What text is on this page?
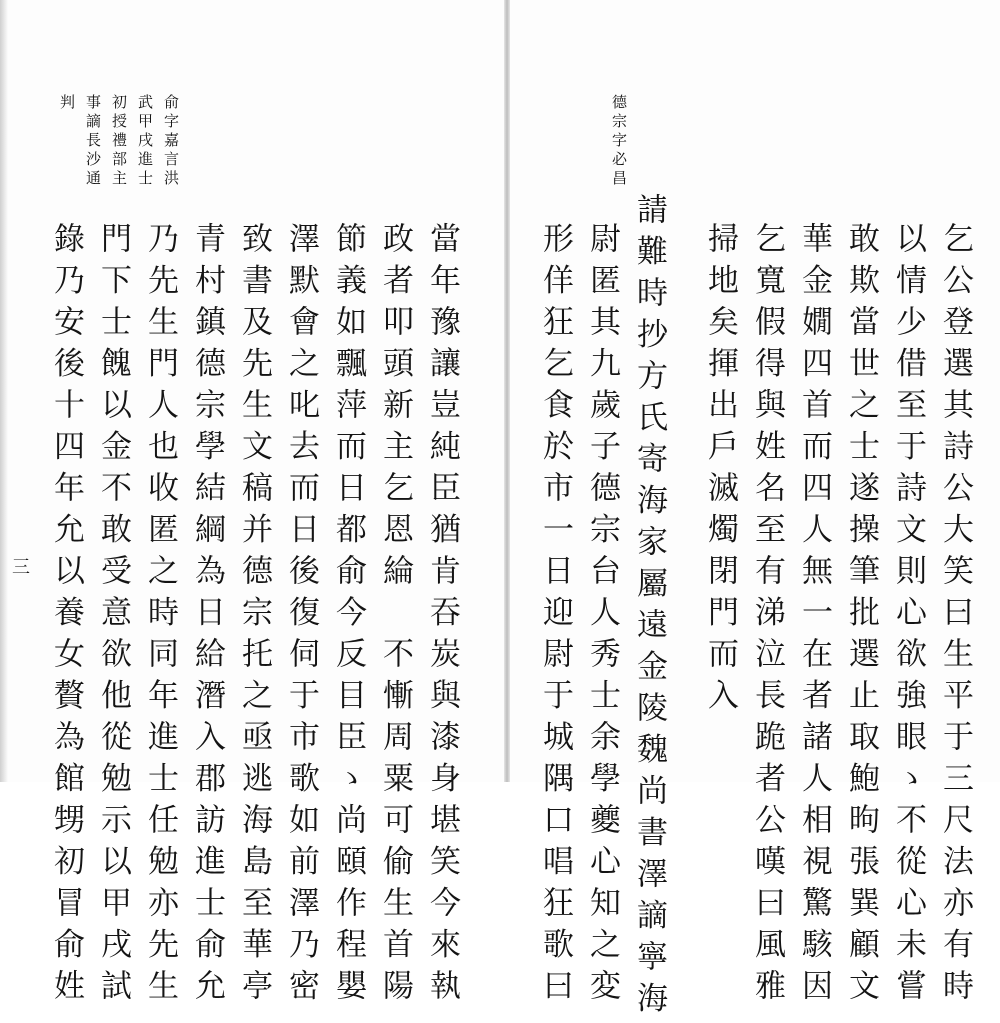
德宗字必昌
乞公登選其詩公大笑曰生平于三尺法亦有時
以情少借至于詩文則心欲強眼ゝ不從心未嘗
敢欺當世之士遂操筆批選止取鮑昫張巽顧文
華金嫺四首而四人無一在者諸人相視驚駭因
乞寬假得與姓名至有涕泣長跪者公嘆曰風雅
掃地矣揮出戶滅燭閉門而入
請難時抄方氏寄海家屬遠金陵魏尚書澤謫寧海
尉匿其九歲子德宗台人秀士余學夔心知之変
形佯狂乞食於市一日迎尉于城隅口唱狂歌曰
俞字嘉言洪
武甲戌進士
初授禮部主
事謫長沙通
判
當年豫讓豈純臣猶肯吞炭與漆身堪笑今來執
政者叩頭新主乞恩綸　不慚周粟可偷生首陽
節義如飄萍而日都俞今反目臣ゝ尚頤作程嬰
澤默會之叱去而日後復伺于市歌如前澤乃密
致書及先生文稿并德宗托之亟逃海島至華亭
青村鎮德宗學結綱為日給潛入郡訪進士俞允
乃先生門人也收匿之時同年進士任勉亦先生
門下士餽以金不敢受意欲他從勉示以甲戌試
錄乃安後十四年允以養女贅為館甥初冒俞姓
三
